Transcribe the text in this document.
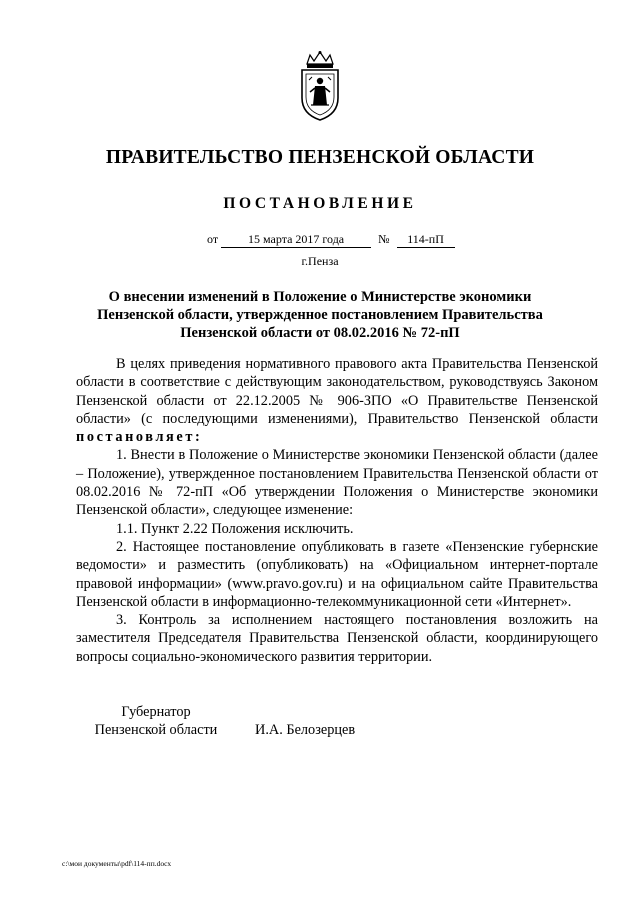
ПРАВИТЕЛЬСТВО ПЕНЗЕНСКОЙ ОБЛАСТИ
ПОСТАНОВЛЕНИЕ
от 15 марта 2017 года	№ 114-пП
г.Пенза
О внесении изменений в Положение о Министерстве экономики Пензенской области, утвержденное постановлением Правительства Пензенской области от 08.02.2016 № 72-пП

В целях приведения нормативного правового акта Правительства Пензенской области в соответствие с действующим законодательством, руководствуясь Законом Пензенской области от 22.12.2005 № 906-ЗПО «О Правительстве Пензенской области» (с последующими изменениями), Правительство Пензенской области постановляет:

1. Внести в Положение о Министерстве экономики Пензенской области (далее – Положение), утвержденное постановлением Правительства Пензенской области от 08.02.2016 № 72-пП «Об утверждении Положения о Министерстве экономики Пензенской области», следующее изменение:

1.1. Пункт 2.22 Положения исключить.

2. Настоящее постановление опубликовать в газете «Пензенские губернские ведомости» и разместить (опубликовать) на «Официальном интернет-портале правовой информации» (www.pravo.gov.ru) и на официальном сайте Правительства Пензенской области в информационно-телекоммуникационной сети «Интернет».

3. Контроль за исполнением настоящего постановления возложить на заместителя Председателя Правительства Пензенской области, координирующего вопросы социально-экономического развития территории.

Губернатор
Пензенской области	И.А. Белозерцев
c:\мои документы\pdf\114-пп.docx
